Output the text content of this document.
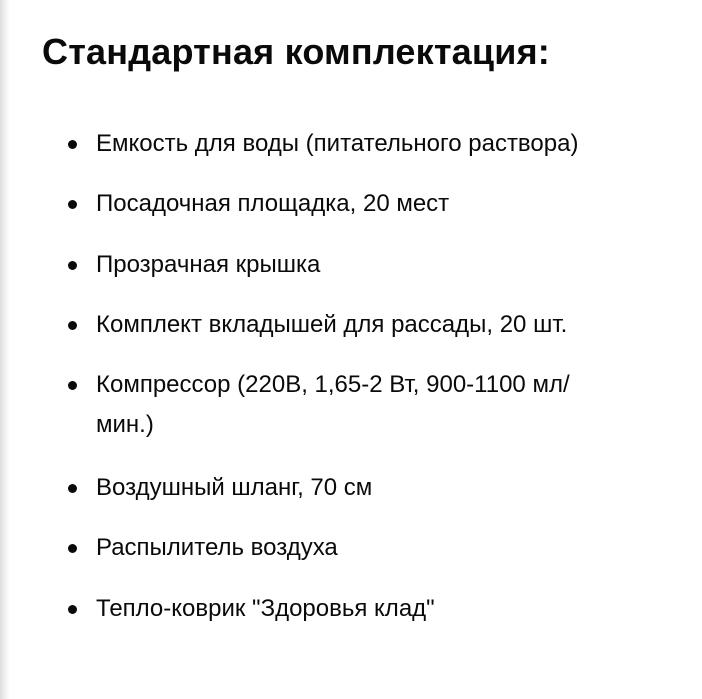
Стандартная комплектация:
Емкость для воды (питательного раствора)
Посадочная площадка, 20 мест
Прозрачная крышка
Комплект вкладышей для рассады, 20 шт.
Компрессор (220В, 1,65-2 Вт, 900-1100 мл/ мин.)
Воздушный шланг, 70 см
Распылитель воздуха
Тепло-коврик "Здоровья клад"
